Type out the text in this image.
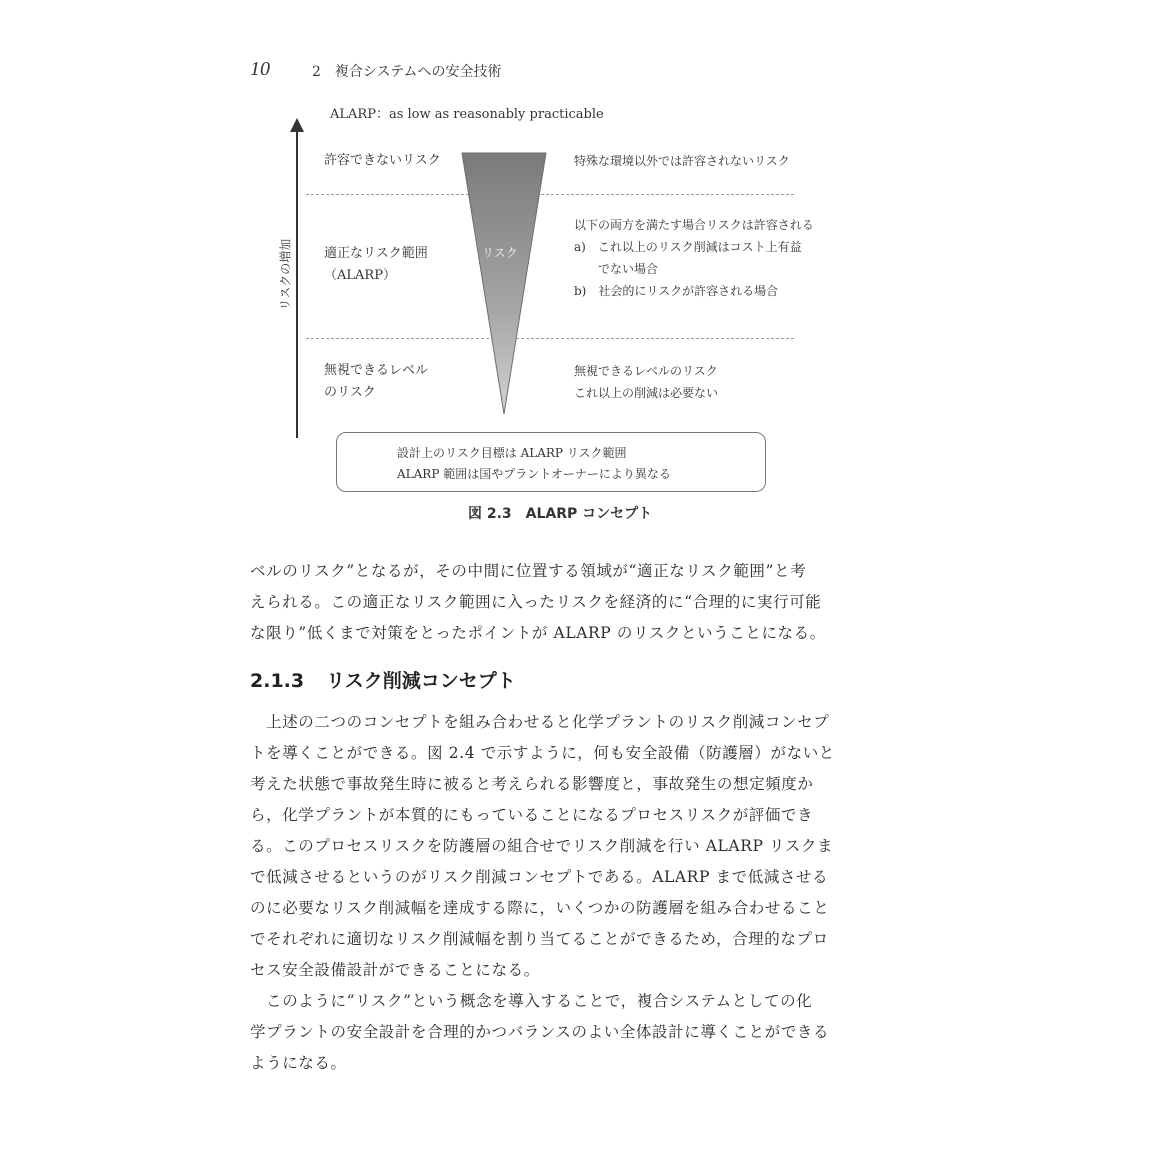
10	2　複合システムへの安全技術
ALARP：as low as reasonably practicable
リスクの増加	リスク
許容できないリスク	特殊な環境以外では許容されないリスク
適正なリスク範囲
（ALARP）
以下の両方を満たす場合リスクは許容される
a)　これ以上のリスク削減はコスト上有益
　　でない場合
b)　社会的にリスクが許容される場合
無視できるレベル
のリスク
無視できるレベルのリスク
これ以上の削減は必要ない
設計上のリスク目標は ALARP リスク範囲
ALARP 範囲は国やプラントオーナーにより異なる
図 2.3　ALARP コンセプト
ベルのリスク”となるが，その中間に位置する領域が“適正なリスク範囲”と考
えられる。この適正なリスク範囲に入ったリスクを経済的に“合理的に実行可能
な限り”低くまで対策をとったポイントが ALARP のリスクということになる。
2.1.3 リスク削減コンセプト
　上述の二つのコンセプトを組み合わせると化学プラントのリスク削減コンセプ
トを導くことができる。図 2.4 で示すように，何も安全設備（防護層）がないと
考えた状態で事故発生時に被ると考えられる影響度と，事故発生の想定頻度か
ら，化学プラントが本質的にもっていることになるプロセスリスクが評価でき
る。このプロセスリスクを防護層の組合せでリスク削減を行い ALARP リスクま
で低減させるというのがリスク削減コンセプトである。ALARP まで低減させる
のに必要なリスク削減幅を達成する際に，いくつかの防護層を組み合わせること
でそれぞれに適切なリスク削減幅を割り当てることができるため，合理的なプロ
セス安全設備設計ができることになる。
　このように“リスク”という概念を導入することで，複合システムとしての化
学プラントの安全設計を合理的かつバランスのよい全体設計に導くことができる
ようになる。
